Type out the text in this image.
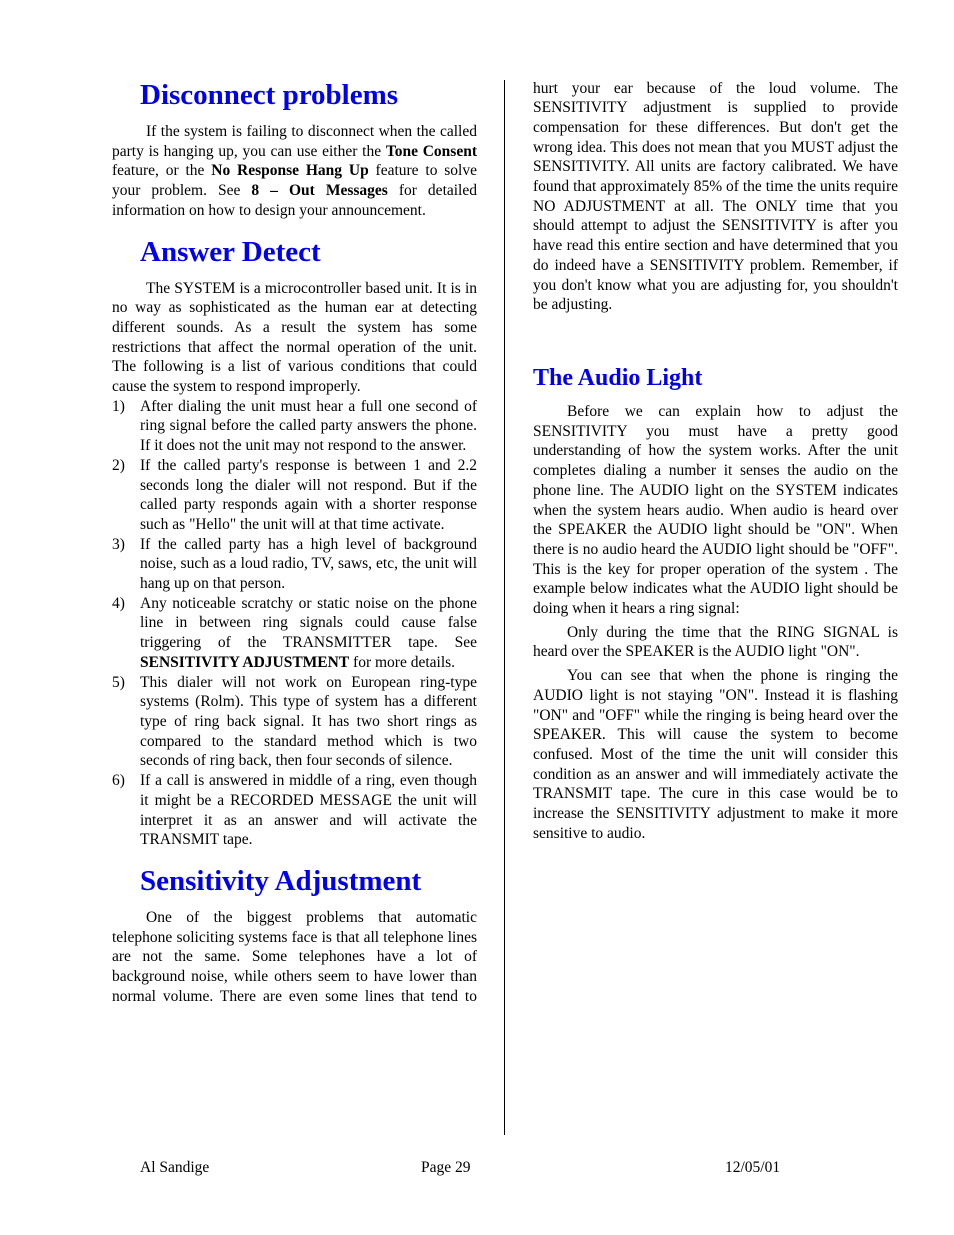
Disconnect problems

If the system is failing to disconnect when the called party is hanging up, you can use either the Tone Consent feature, or the No Response Hang Up feature to solve your problem. See 8 – Out Messages for detailed information on how to design your announcement.

Answer Detect

The SYSTEM is a microcontroller based unit. It is in no way as sophisticated as the human ear at detecting different sounds. As a result the system has some restrictions that affect the normal operation of the unit. The following is a list of various conditions that could cause the system to respond improperly.

1) After dialing the unit must hear a full one second of ring signal before the called party answers the phone. If it does not the unit may not respond to the answer.
2) If the called party's response is between 1 and 2.2 seconds long the dialer will not respond. But if the called party responds again with a shorter response such as "Hello" the unit will at that time activate.
3) If the called party has a high level of background noise, such as a loud radio, TV, saws, etc, the unit will hang up on that person.
4) Any noticeable scratchy or static noise on the phone line in between ring signals could cause false triggering of the TRANSMITTER tape. See SENSITIVITY ADJUSTMENT for more details.
5) This dialer will not work on European ring-type systems (Rolm). This type of system has a different type of ring back signal. It has two short rings as compared to the standard method which is two seconds of ring back, then four seconds of silence.
6) If a call is answered in middle of a ring, even though it might be a RECORDED MESSAGE the unit will interpret it as an answer and will activate the TRANSMIT tape.
Sensitivity Adjustment

One of the biggest problems that automatic telephone soliciting systems face is that all telephone lines are not the same. Some telephones have a lot of background noise, while others seem to have lower than normal volume. There are even some lines that tend to

hurt your ear because of the loud volume. The SENSITIVITY adjustment is supplied to provide compensation for these differences. But don't get the wrong idea. This does not mean that you MUST adjust the SENSITIVITY. All units are factory calibrated. We have found that approximately 85% of the time the units require NO ADJUSTMENT at all. The ONLY time that you should attempt to adjust the SENSITIVITY is after you have read this entire section and have determined that you do indeed have a SENSITIVITY problem. Remember, if you don't know what you are adjusting for, you shouldn't be adjusting.

The Audio Light

Before we can explain how to adjust the SENSITIVITY you must have a pretty good understanding of how the system works. After the unit completes dialing a number it senses the audio on the phone line. The AUDIO light on the SYSTEM indicates when the system hears audio. When audio is heard over the SPEAKER the AUDIO light should be "ON". When there is no audio heard the AUDIO light should be "OFF". This is the key for proper operation of the system . The example below indicates what the AUDIO light should be doing when it hears a ring signal:

Only during the time that the RING SIGNAL is heard over the SPEAKER is the AUDIO light "ON".

You can see that when the phone is ringing the AUDIO light is not staying "ON". Instead it is flashing "ON" and "OFF" while the ringing is being heard over the SPEAKER. This will cause the system to become confused. Most of the time the unit will consider this condition as an answer and will immediately activate the TRANSMIT tape. The cure in this case would be to increase the SENSITIVITY adjustment to make it more sensitive to audio.

Al Sandige	Page 29	12/05/01
